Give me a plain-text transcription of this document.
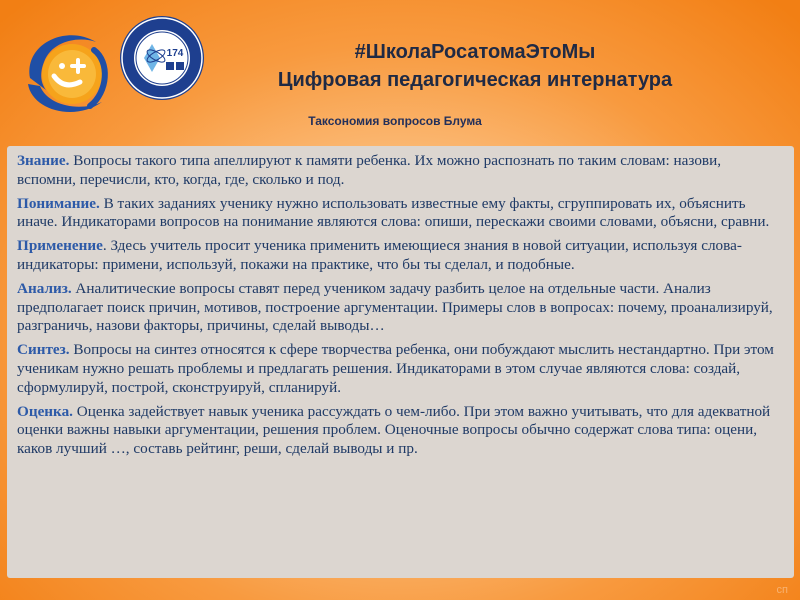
174	#ШколаРосатомаЭтоМы
Цифровая педагогическая интернатура
Таксономия вопросов Блума

Знание. Вопросы такого типа апеллируют к памяти ребенка. Их можно распознать по таким словам: назови, вспомни, перечисли, кто, когда, где, сколько и под.

Понимание. В таких заданиях ученику нужно использовать известные ему факты, сгруппировать их, объяснить иначе. Индикаторами вопросов на понимание являются слова: опиши, перескажи своими словами, объясни, сравни.

Применение. Здесь учитель просит ученика применить имеющиеся знания в новой ситуации, используя слова-индикаторы: примени, используй, покажи на практике, что бы ты сделал, и подобные.

Анализ. Аналитические вопросы ставят перед учеником задачу разбить целое на отдельные части. Анализ предполагает поиск причин, мотивов, построение аргументации. Примеры слов в вопросах: почему, проанализируй, разграничь, назови факторы, причины, сделай выводы…

Синтез. Вопросы на синтез относятся к сфере творчества ребенка, они побуждают мыслить нестандартно. При этом ученикам нужно решать проблемы и предлагать решения. Индикаторами в этом случае являются слова: создай, сформулируй, построй, сконструируй, спланируй.

Оценка. Оценка задействует навык ученика рассуждать о чем-либо. При этом важно учитывать, что для адекватной оценки важны навыки аргументации, решения проблем. Оценочные вопросы обычно содержат слова типа: оцени, каков лучший …, составь рейтинг, реши, сделай выводы и пр.

сп
